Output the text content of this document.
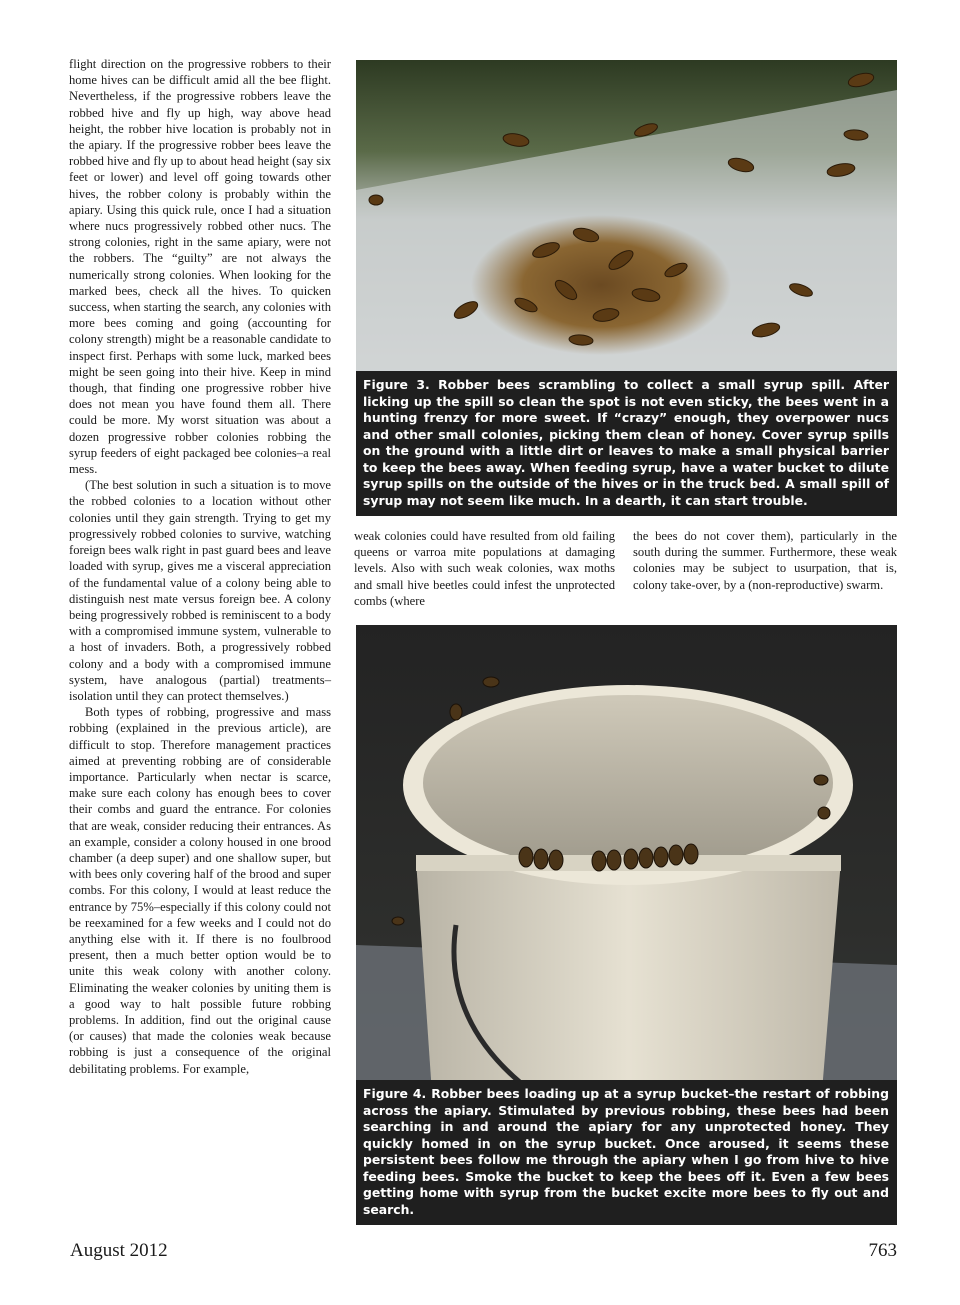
flight direction on the progressive robbers to their home hives can be difficult amid all the bee flight. Nevertheless, if the progressive robbers leave the robbed hive and fly up high, way above head height, the robber hive location is probably not in the apiary. If the progressive robber bees leave the robbed hive and fly up to about head height (say six feet or lower) and level off going towards other hives, the robber colony is probably within the apiary. Using this quick rule, once I had a situation where nucs progressively robbed other nucs. The strong colonies, right in the same apiary, were not the robbers. The “guilty” are not always the numerically strong colonies. When looking for the marked bees, check all the hives. To quicken success, when starting the search, any colonies with more bees coming and going (accounting for colony strength) might be a reasonable candidate to inspect first. Perhaps with some luck, marked bees might be seen going into their hive. Keep in mind though, that finding one progressive robber hive does not mean you have found them all. There could be more. My worst situation was about a dozen progressive robber colonies robbing the syrup feeders of eight packaged bee colonies–a real mess.

(The best solution in such a situation is to move the robbed colonies to a location without other colonies until they gain strength. Trying to get my progressively robbed colonies to survive, watching foreign bees walk right in past guard bees and leave loaded with syrup, gives me a visceral appreciation of the fundamental value of a colony being able to distinguish nest mate versus foreign bee. A colony being progressively robbed is reminiscent to a body with a compromised immune system, vulnerable to a host of invaders. Both, a progressively robbed colony and a body with a compromised immune system, have analogous (partial) treatments–isolation until they can protect themselves.)

Both types of robbing, progressive and mass robbing (explained in the previous article), are difficult to stop. Therefore management practices aimed at preventing robbing are of considerable importance. Particularly when nectar is scarce, make sure each colony has enough bees to cover their combs and guard the entrance. For colonies that are weak, consider reducing their entrances. As an example, consider a colony housed in one brood chamber (a deep super) and one shallow super, but with bees only covering half of the brood and super combs. For this colony, I would at least reduce the entrance by 75%–especially if this colony could not be reexamined for a few weeks and I could not do anything else with it. If there is no foulbrood present, then a much better option would be to unite this weak colony with another colony. Eliminating the weaker colonies by uniting them is a good way to halt possible future robbing problems. In addition, find out the original cause (or causes) that made the colonies weak because robbing is just a consequence of the original debilitating problems. For example,

Figure 3. Robber bees scrambling to collect a small syrup spill. After licking up the spill so clean the spot is not even sticky, the bees went in a hunting frenzy for more sweet. If “crazy” enough, they overpower nucs and other small colonies, picking them clean of honey. Cover syrup spills on the ground with a little dirt or leaves to make a small physical barrier to keep the bees away. When feeding syrup, have a water bucket to dilute syrup spills on the outside of the hives or in the truck bed. A small spill of syrup may not seem like much. In a dearth, it can start trouble.
weak colonies could have resulted from old failing queens or varroa mite populations at damaging levels. Also with such weak colonies, wax moths and small hive beetles could infest the unprotected combs (where
the bees do not cover them), particularly in the south during the summer. Furthermore, these weak colonies may be subject to usurpation, that is, colony take-over, by a (non-reproductive) swarm.
Figure 4. Robber bees loading up at a syrup bucket–the restart of robbing across the apiary. Stimulated by previous robbing, these bees had been searching in and around the apiary for any unprotected honey. They quickly homed in on the syrup bucket. Once aroused, it seems these persistent bees follow me through the apiary when I go from hive to hive feeding bees. Smoke the bucket to keep the bees off it. Even a few bees getting home with syrup from the bucket excite more bees to fly out and search.
August 2012	763
